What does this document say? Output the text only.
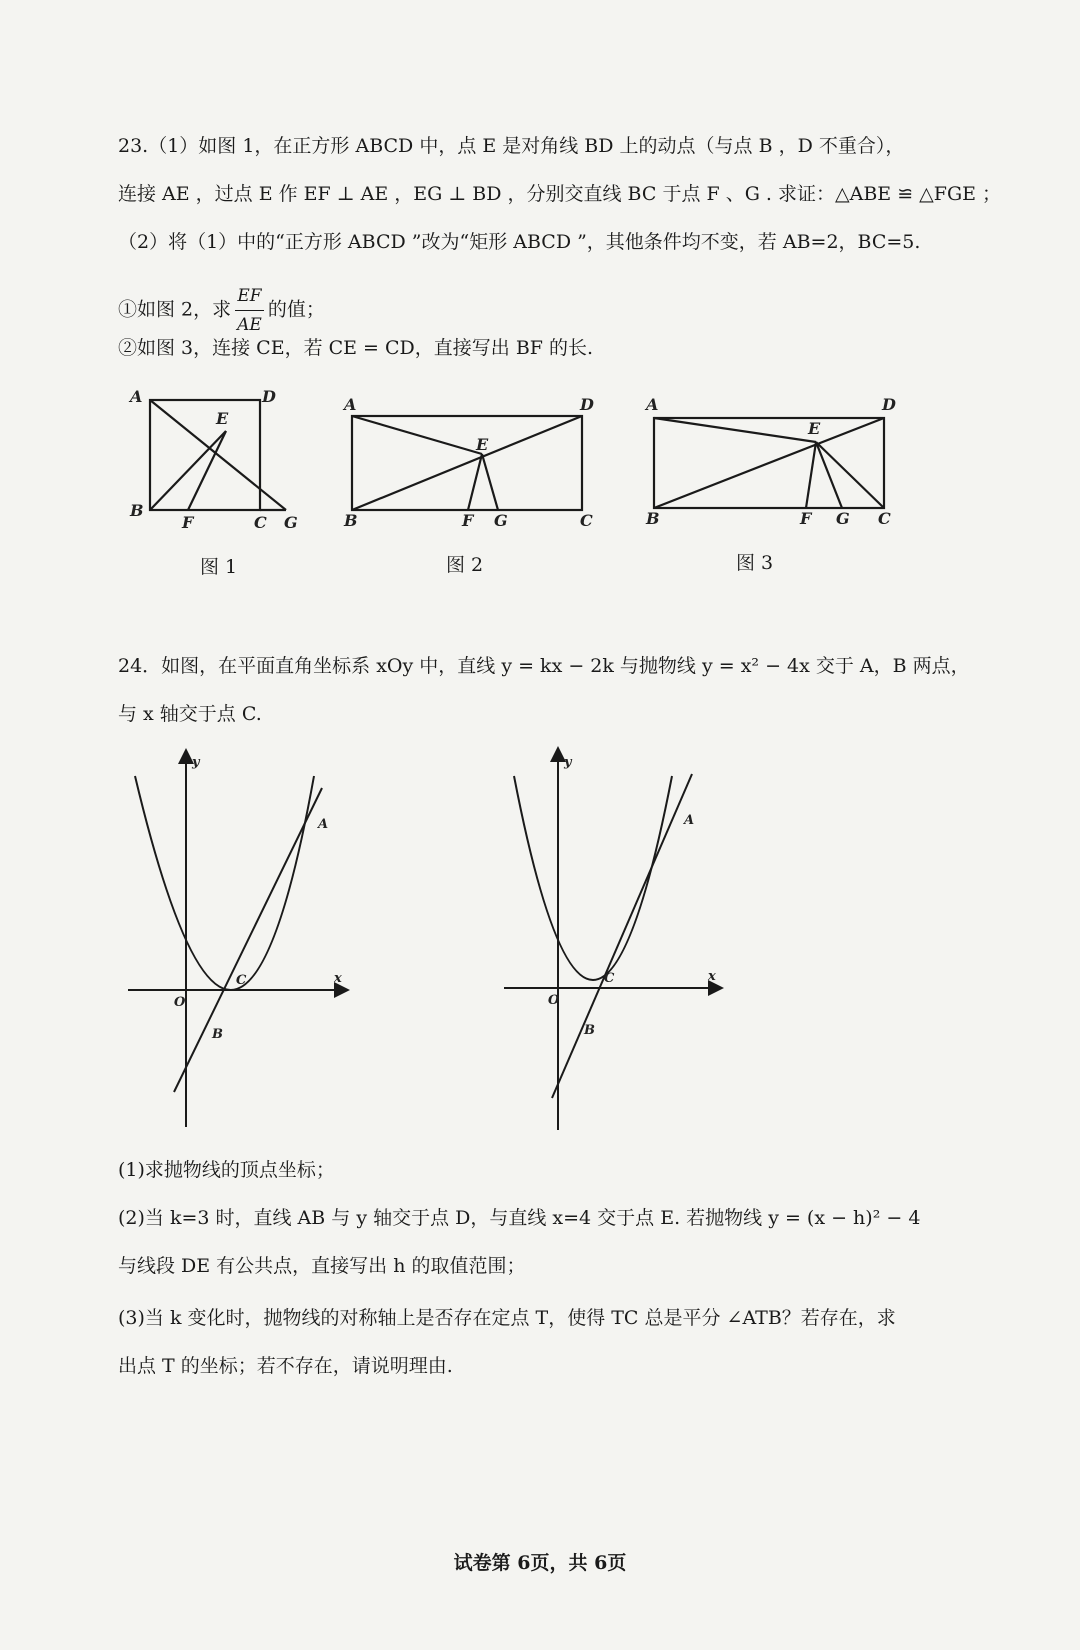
23.（1）如图 1，在正方形 ABCD 中，点 E 是对角线 BD 上的动点（与点 B ，D 不重合），
连接 AE ，过点 E 作 EF ⊥ AE ，EG ⊥ BD ，分别交直线 BC 于点 F 、G . 求证：△ABE ≌ △FGE ；
（2）将（1）中的“正方形 ABCD ”改为“矩形 ABCD ”，其他条件均不变，若 AB=2，BC=5.
①如图 2，求 $\frac{EF}{AE}$ 的值；
②如图 3，连接 CE，若 CE = CD，直接写出 BF 的长.
A	D
E
B
F	C G
图 1
A	D
E
B	F G	C
图 2
A	D
E
B	F G C
图 3
24．如图，在平面直角坐标系 xOy 中，直线 y = kx − 2k 与抛物线 y = x² − 4x 交于 A，B 两点，
与 x 轴交于点 C.
y
x
O
C
B
A
y
x
O
C
B
A
(1)求抛物线的顶点坐标；
(2)当 k=3 时，直线 AB 与 y 轴交于点 D，与直线 x=4 交于点 E. 若抛物线 y = (x − h)² − 4
与线段 DE 有公共点，直接写出 h 的取值范围；
(3)当 k 变化时，抛物线的对称轴上是否存在定点 T，使得 TC 总是平分 ∠ATB？若存在，求
出点 T 的坐标；若不存在，请说明理由.
试卷第 6页，共 6页
